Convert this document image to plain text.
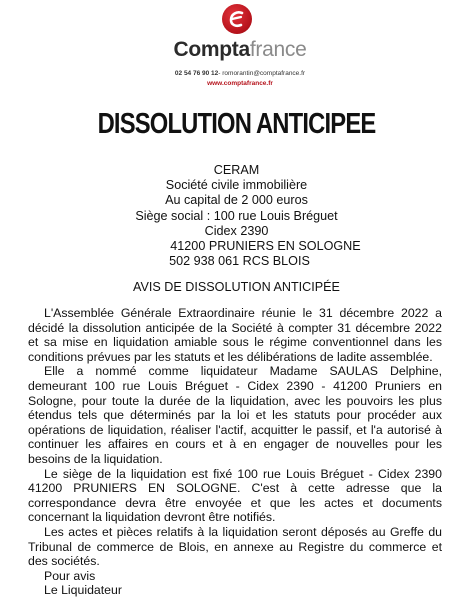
Comptafrance
02 54 76 90 12- romorantin@comptafrance.fr
www.comptafrance.fr
DISSOLUTION ANTICIPEE
CERAM
Société civile immobilière
Au capital de 2 000 euros
Siège social : 100 rue Louis Bréguet
Cidex 2390
41200 PRUNIERS EN SOLOGNE
502 938 061 RCS BLOIS
AVIS DE DISSOLUTION ANTICIPÉE

L'Assemblée Générale Extraordinaire réunie le 31 décembre 2022 a décidé la dissolution anticipée de la Société à compter 31 décembre 2022 et sa mise en liquidation amiable sous le régime conventionnel dans les conditions prévues par les statuts et les délibérations de ladite assemblée.

Elle a nommé comme liquidateur Madame SAULAS Delphine, demeurant 100 rue Louis Bréguet - Cidex 2390 - 41200 Pruniers en Sologne, pour toute la durée de la liquidation, avec les pouvoirs les plus étendus tels que déterminés par la loi et les statuts pour procéder aux opérations de liquidation, réaliser l'actif, acquitter le passif, et l'a autorisé à continuer les affaires en cours et à en engager de nouvelles pour les besoins de la liquidation.

Le siège de la liquidation est fixé 100 rue Louis Bréguet - Cidex 2390 41200 PRUNIERS EN SOLOGNE. C'est à cette adresse que la correspondance devra être envoyée et que les actes et documents concernant la liquidation devront être notifiés.

Les actes et pièces relatifs à la liquidation seront déposés au Greffe du Tribunal de commerce de Blois, en annexe au Registre du commerce et des sociétés.

Pour avis

Le Liquidateur
